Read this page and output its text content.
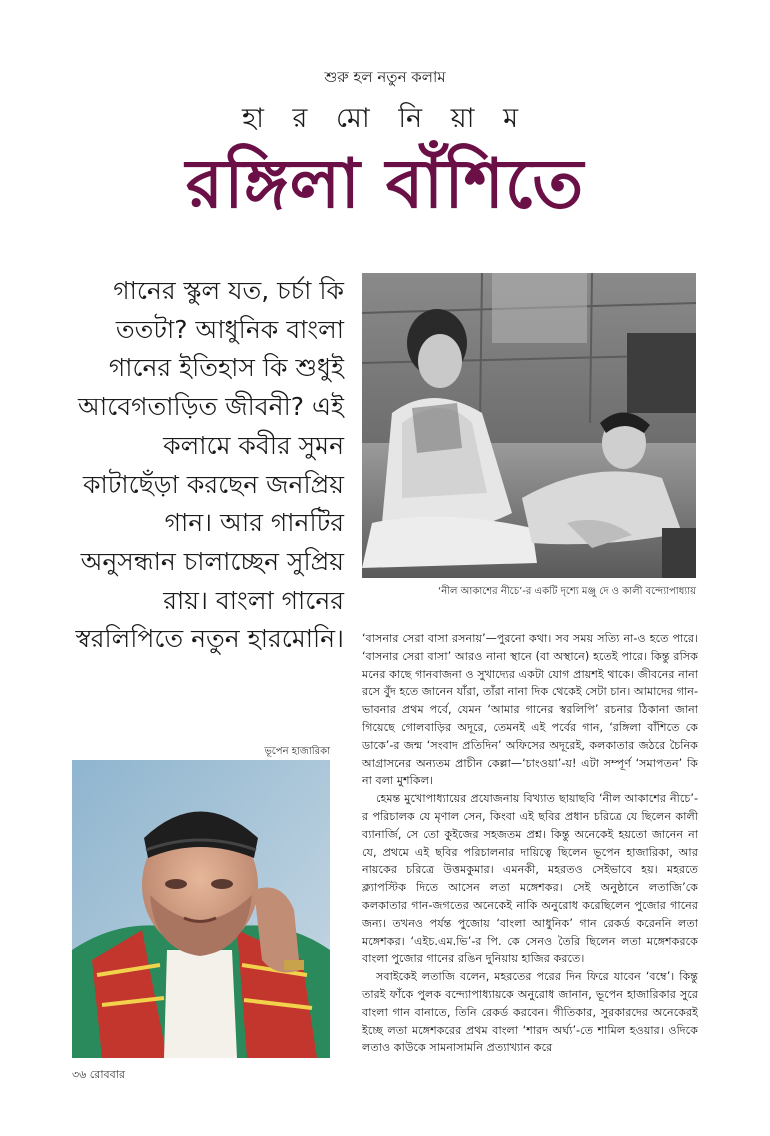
শুরু হল নতুন কলাম
হা র মো নি য়া ম
রঙ্গিলা বাঁশিতে
গানের স্কুল যত, চর্চা কি ততটা? আধুনিক বাংলা গানের ইতিহাস কি শুধুই আবেগতাড়িত জীবনী? এই কলামে কবীর সুমন কাটাছেঁড়া করছেন জনপ্রিয় গান। আর গানটির অনুসন্ধান চালাচ্ছেন সুপ্রিয় রায়। বাংলা গানের স্বরলিপিতে নতুন হারমোনি।
‘নীল আকাশের নীচে’-র একটি দৃশ্যে মঞ্জু দে ও কালী বন্দ্যোপাধ্যায়
ভূপেন হাজারিকা

‘বাসনার সেরা বাসা রসনায়’—পুরনো কথা। সব সময় সত্যি না-ও হতে পারে। ‘বাসনার সেরা বাসা’ আরও নানা স্থানে (বা অস্থানে) হতেই পারে। কিন্তু রসিক মনের কাছে গানবাজনা ও সুখাদ্যের একটা যোগ প্রায়শই থাকে। জীবনের নানা রসে বুঁদ হতে জানেন যাঁরা, তাঁরা নানা দিক থেকেই সেটা চান। আমাদের গান-ভাবনার প্রথম পর্বে, যেমন ‘আমার গানের স্বরলিপি’ রচনার ঠিকানা জানা গিয়েছে গোলবাড়ির অদূরে, তেমনই এই পর্বের গান, ‘রঙ্গিলা বাঁশিতে কে ডাকে’-র জন্ম ‘সংবাদ প্রতিদিন’ অফিসের অদূরেই, কলকাতার জঠরে চৈনিক আগ্রাসনের অন্যতম প্রাচীন কেল্লা—‘চাংওয়া’-য়! এটা সম্পূর্ণ ‘সমাপতন’ কি না বলা মুশকিল।

হেমন্ত মুখোপাধ্যায়ের প্রযোজনায় বিখ্যাত ছায়াছবি ‘নীল আকাশের নীচে’-র পরিচালক যে মৃণাল সেন, কিংবা এই ছবির প্রধান চরিত্রে যে ছিলেন কালী ব্যানার্জি, সে তো কুইজের সহজতম প্রশ্ন। কিন্তু অনেকেই হয়তো জানেন না যে, প্রথমে এই ছবির পরিচালনার দায়িত্বে ছিলেন ভূপেন হাজারিকা, আর নায়কের চরিত্রে উত্তমকুমার। এমনকী, মহরতও সেইভাবে হয়। মহরতে ক্ল্যাপস্টিক দিতে আসেন লতা মঙ্গেশকর। সেই অনুষ্ঠানে লতাজি’কে কলকাতার গান-জগতের অনেকেই নাকি অনুরোধ করেছিলেন পুজোর গানের জন্য। তখনও পর্যন্ত পুজোয় ‘বাংলা আধুনিক’ গান রেকর্ড করেননি লতা মঙ্গেশকর। ‘এইচ.এম.ভি’-র পি. কে সেনও তৈরি ছিলেন লতা মঙ্গেশকরকে বাংলা পুজোর গানের রঙিন দুনিয়ায় হাজির করতে।

সবাইকেই লতাজি বলেন, মহরতের পরের দিন ফিরে যাবেন ‘বম্বে’। কিন্তু তারই ফাঁকে পুলক বন্দ্যোপাধ্যায়কে অনুরোধ জানান, ভূপেন হাজারিকার সুরে বাংলা গান বানাতে, তিনি রেকর্ড করবেন। গীতিকার, সুরকারদের অনেকেরই ইচ্ছে লতা মঙ্গেশকরের প্রথম বাংলা ‘শারদ অর্ঘ্য’-তে শামিল হওয়ার। ওদিকে লতাও কাউকে সামনাসামনি প্রত্যাখ্যান করে

৩৬ রোববার
